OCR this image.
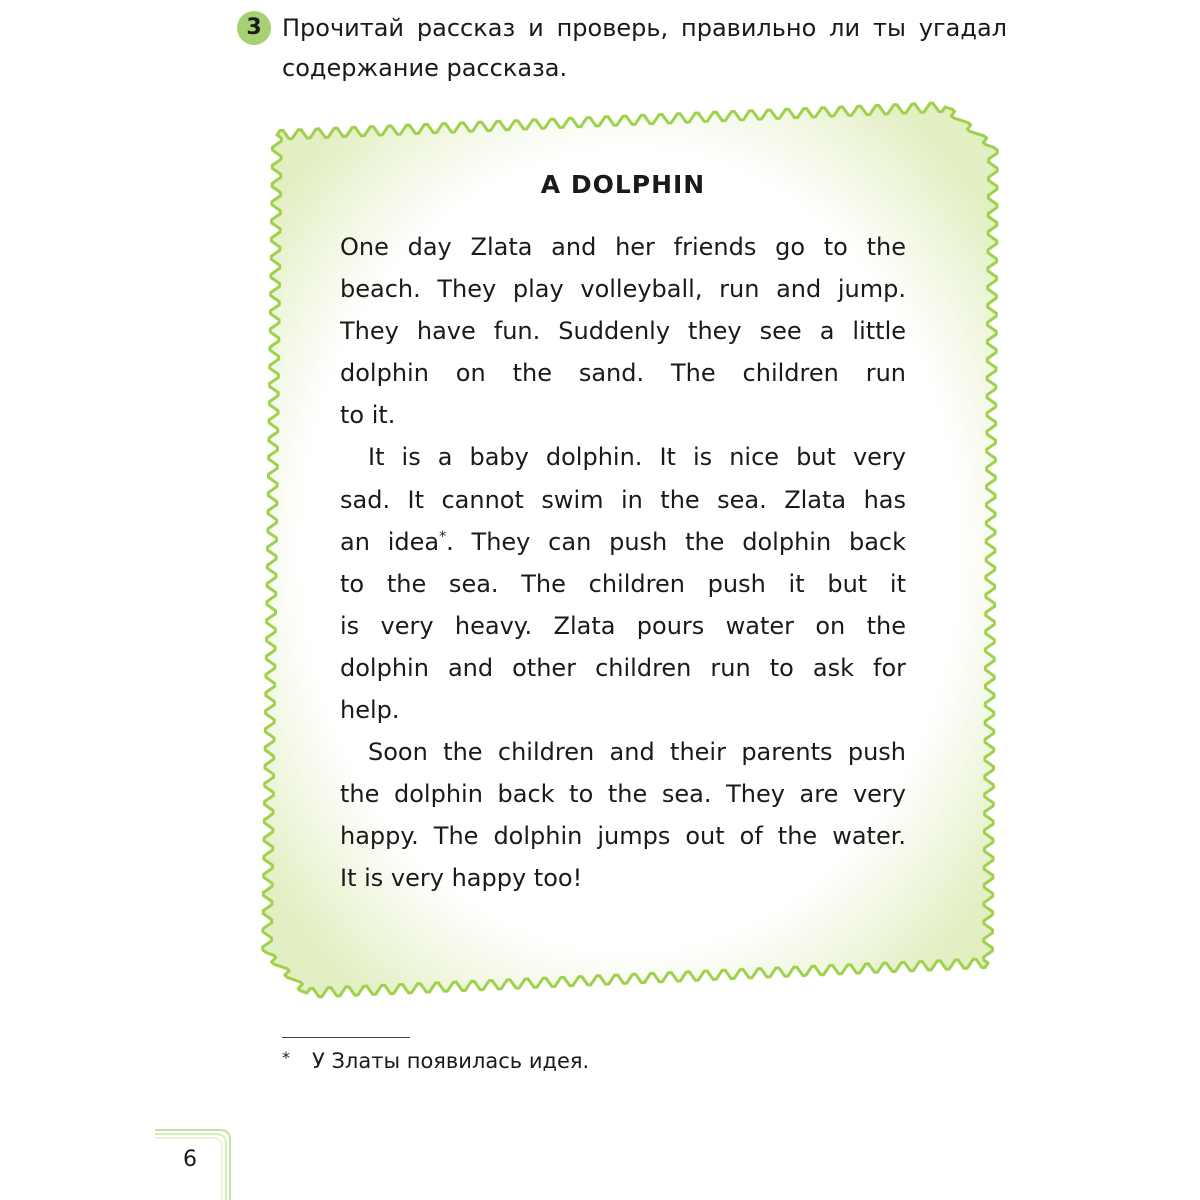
3 Прочитай рассказ и проверь, правильно ли ты угадал содержание рассказа.

A DOLPHIN

One day Zlata and her friends go to the

beach. They play volleyball, run and jump.

They have fun. Suddenly they see a little

dolphin on the sand. The children run

to it.

It is a baby dolphin. It is nice but very

sad. It cannot swim in the sea. Zlata has

an idea*. They can push the dolphin back

to the sea. The children push it but it

is very heavy. Zlata pours water on the

dolphin and other children run to ask for

help.

Soon the children and their parents push

the dolphin back to the sea. They are very

happy. The dolphin jumps out of the water.

It is very happy too!

* У Златы появилась идея.

6
